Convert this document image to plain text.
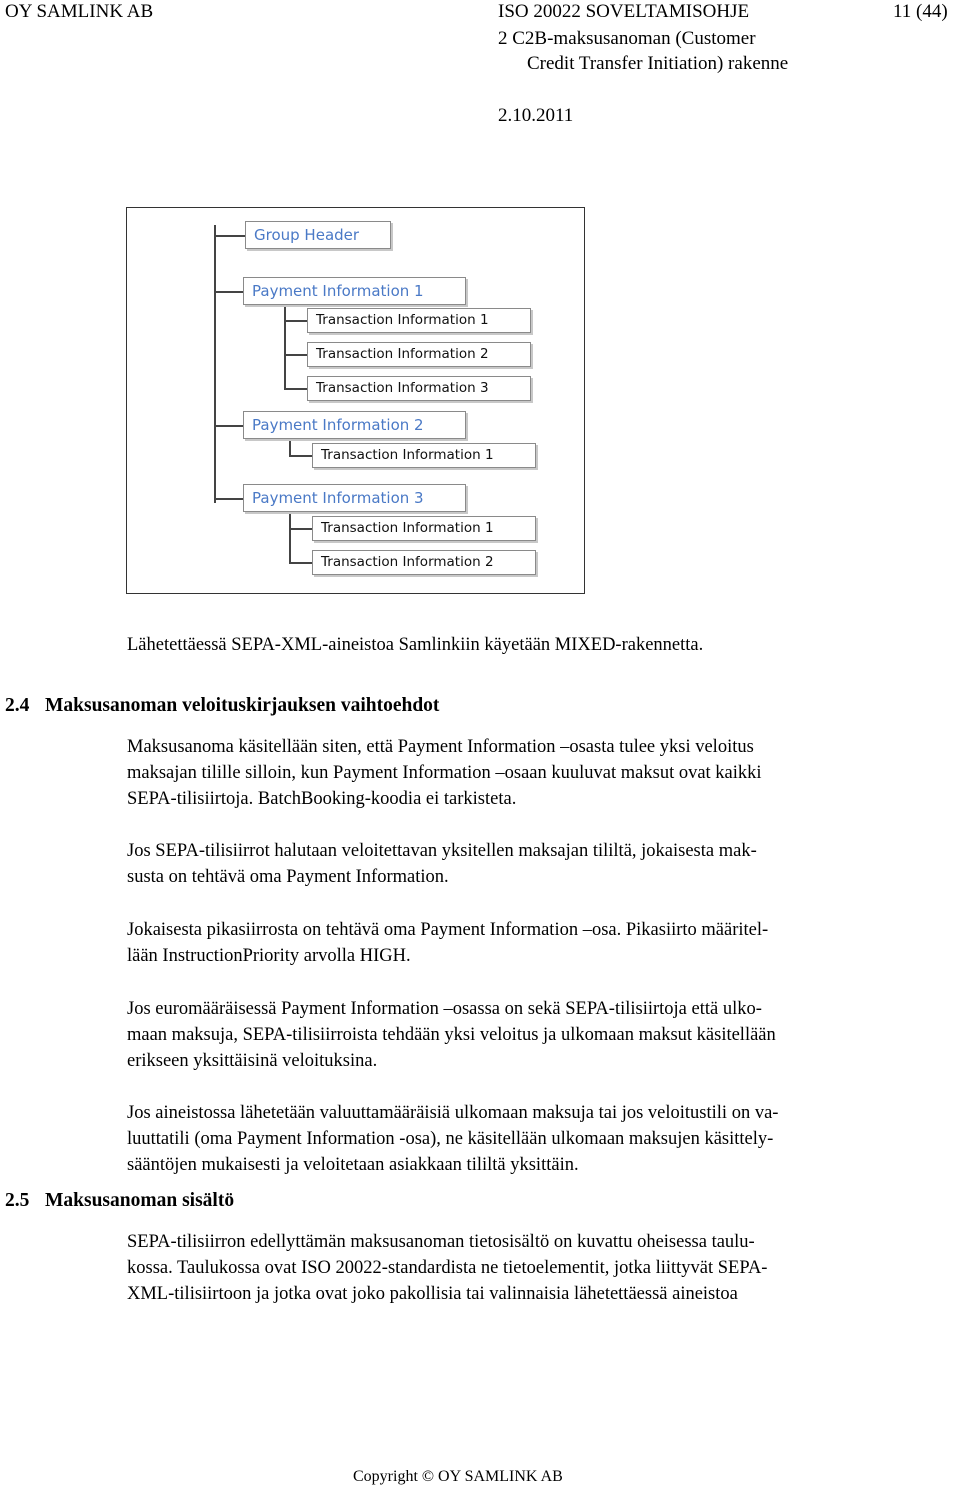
OY SAMLINK AB	ISO 20022 SOVELTAMISOHJE	11 (44)
2 C2B-maksusanoman (Customer
Credit Transfer Initiation) rakenne
2.10.2011
Group Header
Payment Information 1
Transaction Information 1
Transaction Information 2
Transaction Information 3
Payment Information 2
Transaction Information 1
Payment Information 3
Transaction Information 1
Transaction Information 2
Lähetettäessä SEPA-XML-aineistoa Samlinkiin käyetään MIXED-rakennetta.
2.4 Maksusanoman veloituskirjauksen vaihtoehdot
Maksusanoma käsitellään siten, että Payment Information –osasta tulee yksi veloitus
maksajan tilille silloin, kun Payment Information –osaan kuuluvat maksut ovat kaikki
SEPA-tilisiirtoja. BatchBooking-koodia ei tarkisteta.
Jos SEPA-tilisiirrot halutaan veloitettavan yksitellen maksajan tililtä, jokaisesta mak-
susta on tehtävä oma Payment Information.
Jokaisesta pikasiirrosta on tehtävä oma Payment Information –osa. Pikasiirto määritel-
lään InstructionPriority arvolla HIGH.
Jos euromääräisessä Payment Information –osassa on sekä SEPA-tilisiirtoja että ulko-
maan maksuja, SEPA-tilisiirroista tehdään yksi veloitus ja ulkomaan maksut käsitellään
erikseen yksittäisinä veloituksina.
Jos aineistossa lähetetään valuuttamääräisiä ulkomaan maksuja tai jos veloitustili on va-
luuttatili (oma Payment Information -osa), ne käsitellään ulkomaan maksujen käsittely-
sääntöjen mukaisesti ja veloitetaan asiakkaan tililtä yksittäin.
2.5 Maksusanoman sisältö
SEPA-tilisiirron edellyttämän maksusanoman tietosisältö on kuvattu oheisessa taulu-
kossa. Taulukossa ovat ISO 20022-standardista ne tietoelementit, jotka liittyvät SEPA-
XML-tilisiirtoon ja jotka ovat joko pakollisia tai valinnaisia lähetettäessä aineistoa
Copyright © OY SAMLINK AB
